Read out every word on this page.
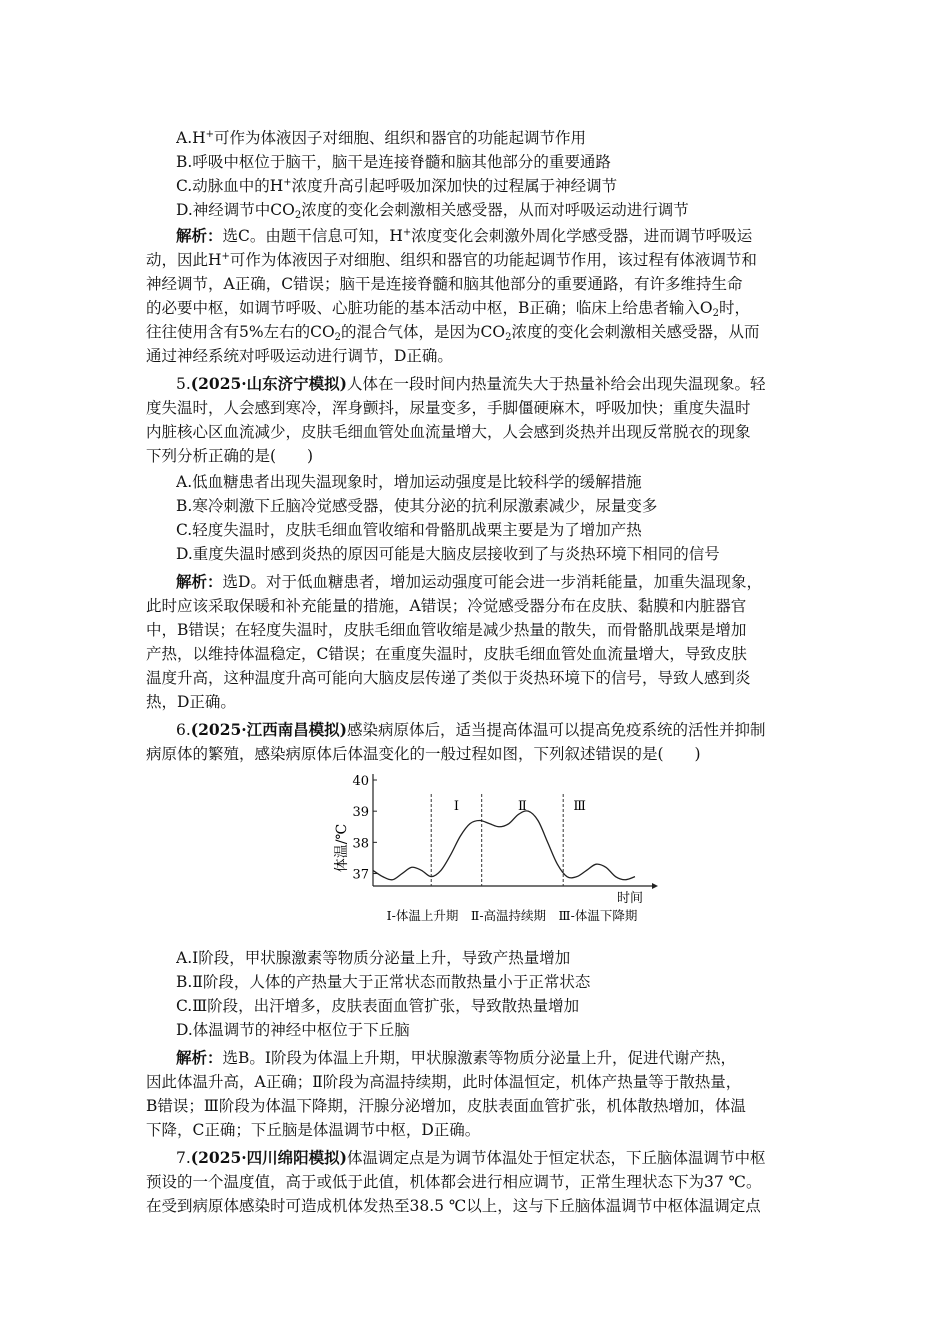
A.H+可作为体液因子对细胞、组织和器官的功能起调节作用
B.呼吸中枢位于脑干，脑干是连接脊髓和脑其他部分的重要通路
C.动脉血中的H+浓度升高引起呼吸加深加快的过程属于神经调节
D.神经调节中$CO_2$浓度的变化会刺激相关感受器，从而对呼吸运动进行调节
解析：选C。由题干信息可知，H+浓度变化会刺激外周化学感受器，进而调节呼吸运
动，因此H+可作为体液因子对细胞、组织和器官的功能起调节作用，该过程有体液调节和
神经调节，A正确，C错误；脑干是连接脊髓和脑其他部分的重要通路，有许多维持生命
的必要中枢，如调节呼吸、心脏功能的基本活动中枢，B正确；临床上给患者输入$O_2$时，
往往使用含有5%左右的$CO_2$的混合气体，是因为$CO_2$浓度的变化会刺激相关感受器，从而
通过神经系统对呼吸运动进行调节，D正确。
5.(2025·山东济宁模拟)人体在一段时间内热量流失大于热量补给会出现失温现象。轻
度失温时，人会感到寒冷，浑身颤抖，尿量变多，手脚僵硬麻木，呼吸加快；重度失温时
内脏核心区血流减少，皮肤毛细血管处血流量增大，人会感到炎热并出现反常脱衣的现象
下列分析正确的是(　　)
A.低血糖患者出现失温现象时，增加运动强度是比较科学的缓解措施
B.寒冷刺激下丘脑冷觉感受器，使其分泌的抗利尿激素减少，尿量变多
C.轻度失温时，皮肤毛细血管收缩和骨骼肌战栗主要是为了增加产热
D.重度失温时感到炎热的原因可能是大脑皮层接收到了与炎热环境下相同的信号
解析：选D。对于低血糖患者，增加运动强度可能会进一步消耗能量，加重失温现象，
此时应该采取保暖和补充能量的措施，A错误；冷觉感受器分布在皮肤、黏膜和内脏器官
中，B错误；在轻度失温时，皮肤毛细血管收缩是减少热量的散失，而骨骼肌战栗是增加
产热，以维持体温稳定，C错误；在重度失温时，皮肤毛细血管处血流量增大，导致皮肤
温度升高，这种温度升高可能向大脑皮层传递了类似于炎热环境下的信号，导致人感到炎
热，D正确。
6.(2025·江西南昌模拟)感染病原体后，适当提高体温可以提高免疫系统的活性并抑制
病原体的繁殖，感染病原体后体温变化的一般过程如图，下列叙述错误的是(　　)
37
38
39
40
Ⅰ	Ⅱ	Ⅲ
体温/℃
时间
Ⅰ-体温上升期　Ⅱ-高温持续期　Ⅲ-体温下降期
A.Ⅰ阶段，甲状腺激素等物质分泌量上升，导致产热量增加
B.Ⅱ阶段，人体的产热量大于正常状态而散热量小于正常状态
C.Ⅲ阶段，出汗增多，皮肤表面血管扩张，导致散热量增加
D.体温调节的神经中枢位于下丘脑
解析：选B。Ⅰ阶段为体温上升期，甲状腺激素等物质分泌量上升，促进代谢产热，
因此体温升高，A正确；Ⅱ阶段为高温持续期，此时体温恒定，机体产热量等于散热量，
B错误；Ⅲ阶段为体温下降期，汗腺分泌增加，皮肤表面血管扩张，机体散热增加，体温
下降，C正确；下丘脑是体温调节中枢，D正确。
7.(2025·四川绵阳模拟)体温调定点是为调节体温处于恒定状态，下丘脑体温调节中枢
预设的一个温度值，高于或低于此值，机体都会进行相应调节，正常生理状态下为37 ℃。
在受到病原体感染时可造成机体发热至38.5 ℃以上，这与下丘脑体温调节中枢体温调定点
